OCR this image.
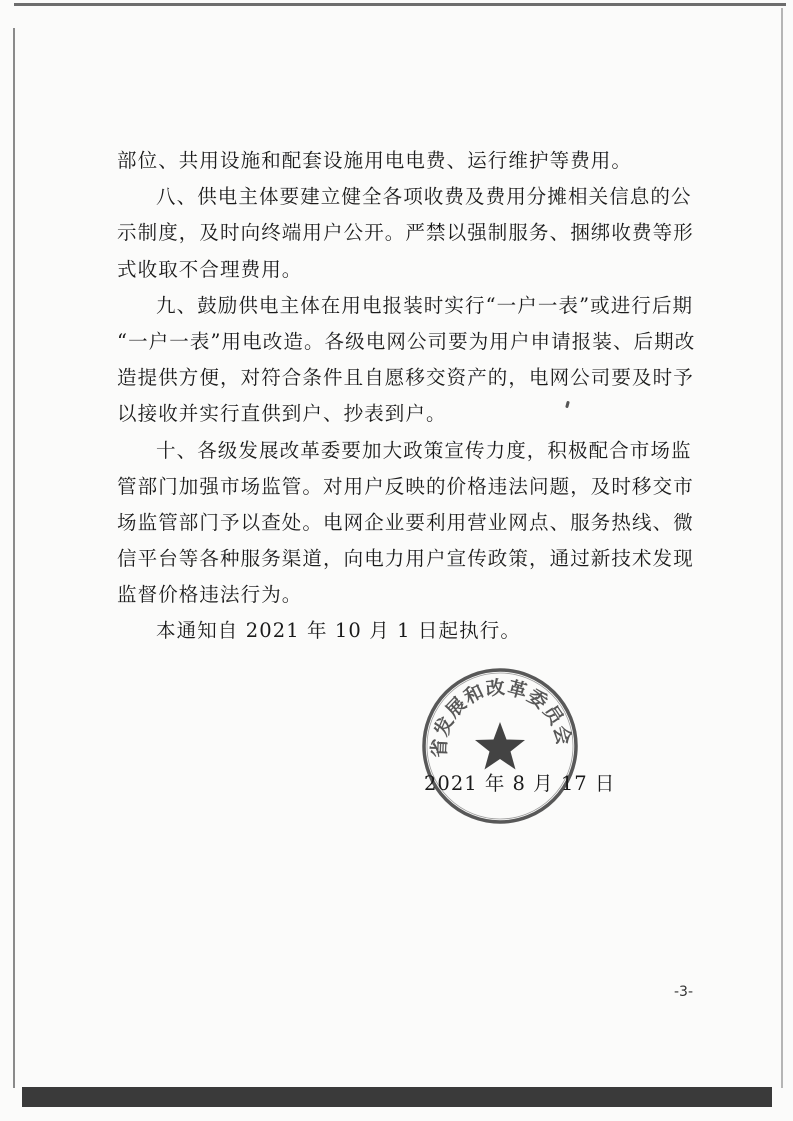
部位、共用设施和配套设施用电电费、运行维护等费用。
八、供电主体要建立健全各项收费及费用分摊相关信息的公
示制度，及时向终端用户公开。严禁以强制服务、捆绑收费等形
式收取不合理费用。
九、鼓励供电主体在用电报装时实行“一户一表”或进行后期
“一户一表”用电改造。各级电网公司要为用户申请报装、后期改
造提供方便，对符合条件且自愿移交资产的，电网公司要及时予
以接收并实行直供到户、抄表到户。
十、各级发展改革委要加大政策宣传力度，积极配合市场监
管部门加强市场监管。对用户反映的价格违法问题，及时移交市
场监管部门予以查处。电网企业要利用营业网点、服务热线、微
信平台等各种服务渠道，向电力用户宣传政策，通过新技术发现
监督价格违法行为。
本通知自 2021 年 10 月 1 日起执行。
省发展和改革委员会
2021 年 8 月 17 日
-3-
